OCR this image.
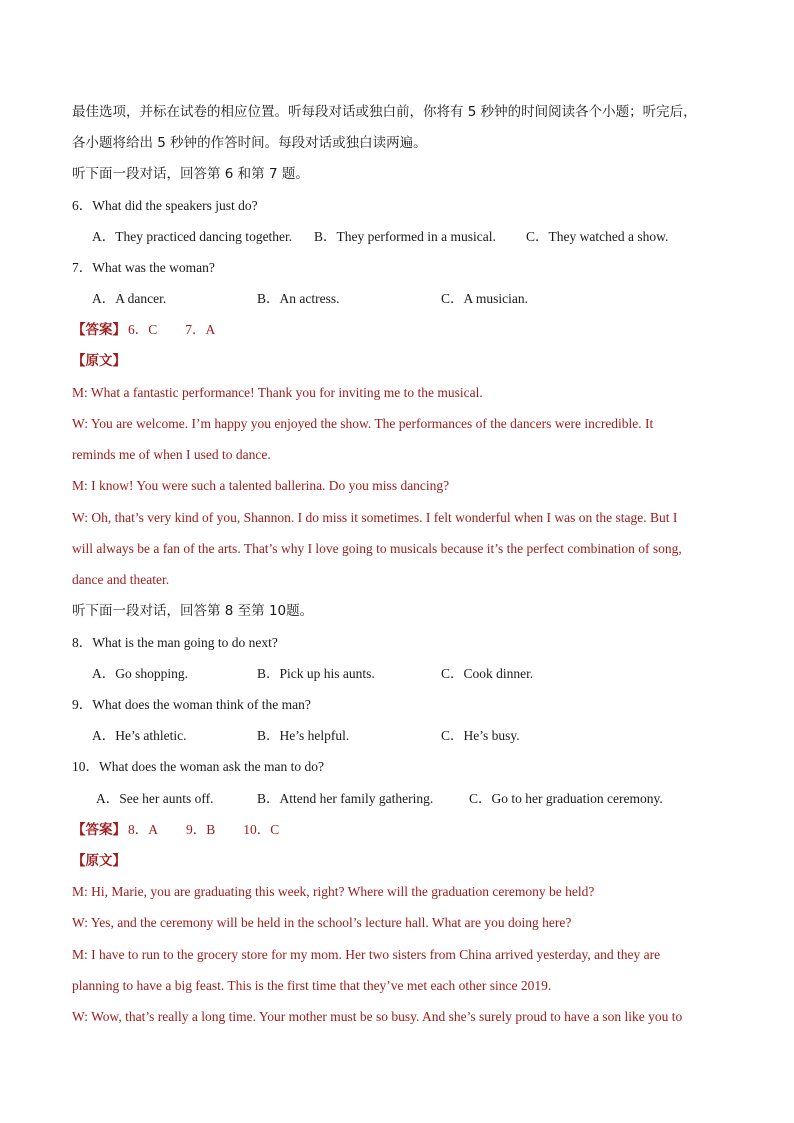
最佳选项，并标在试卷的相应位置。听每段对话或独白前，你将有 5 秒钟的时间阅读各个小题；听完后，
各小题将给出 5 秒钟的作答时间。每段对话或独白读两遍。
听下面一段对话，回答第 6 和第 7 题。
6．What did the speakers just do?
A．They practiced dancing together. B．They performed in a musical. C．They watched a show.
7．What was the woman?
A．A dancer.	B．An actress.	C．A musician.
【答案】 6．C 7．A
【原文】
M: What a fantastic performance! Thank you for inviting me to the musical.
W: You are welcome. I’m happy you enjoyed the show. The performances of the dancers were incredible. It
reminds me of when I used to dance.
M: I know! You were such a talented ballerina. Do you miss dancing?
W: Oh, that’s very kind of you, Shannon. I do miss it sometimes. I felt wonderful when I was on the stage. But I
will always be a fan of the arts. That’s why I love going to musicals because it’s the perfect combination of song,
dance and theater.
听下面一段对话，回答第 8 至第 10题。
8．What is the man going to do next?
A．Go shopping.	B．Pick up his aunts.	C．Cook dinner.
9．What does the woman think of the man?
A．He’s athletic.	B．He’s helpful.	C．He’s busy.
10．What does the woman ask the man to do?
A．See her aunts off.	B．Attend her family gathering.	C．Go to her graduation ceremony.
【答案】 8．A 9．B 10．C
【原文】
M: Hi, Marie, you are graduating this week, right? Where will the graduation ceremony be held?
W: Yes, and the ceremony will be held in the school’s lecture hall. What are you doing here?
M: I have to run to the grocery store for my mom. Her two sisters from China arrived yesterday, and they are
planning to have a big feast. This is the first time that they’ve met each other since 2019.
W: Wow, that’s really a long time. Your mother must be so busy. And she’s surely proud to have a son like you to
